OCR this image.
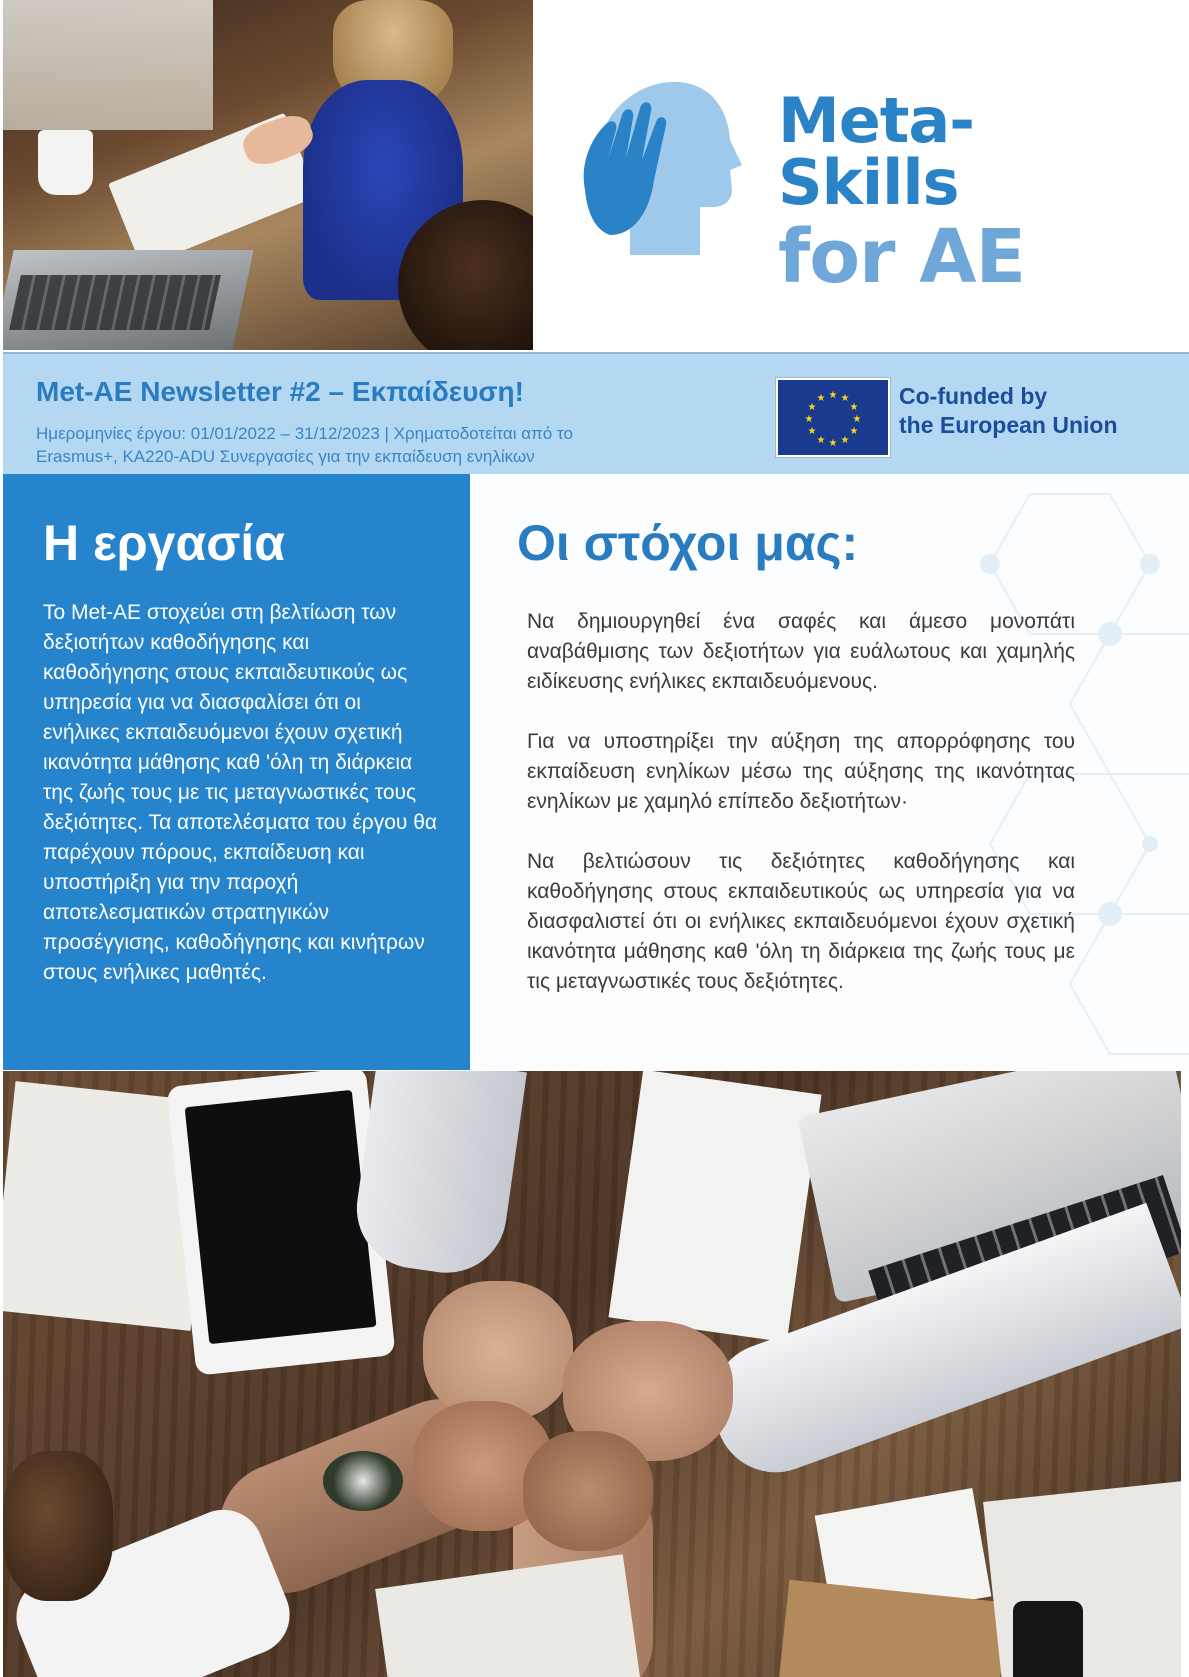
Meta-Skills
for AE
Met-AE Newsletter #2 – Εκπαίδευση!
Ημερομηνίες έργου: 01/01/2022 – 31/12/2023 | Χρηματοδοτείται από το
Erasmus+, KA220-ADU Συνεργασίες για την εκπαίδευση ενηλίκων
★ ★
★
★
★
★
★
★
★
★
★
★	Co-funded by
the European Union
Η εργασία
Το Met-AE στοχεύει στη βελτίωση των δεξιοτήτων καθοδήγησης και καθοδήγησης στους εκπαιδευτικούς ως υπηρεσία για να διασφαλίσει ότι οι ενήλικες εκπαιδευόμενοι έχουν σχετική ικανότητα μάθησης καθ 'όλη τη διάρκεια της ζωής τους με τις μεταγνωστικές τους δεξιότητες. Τα αποτελέσματα του έργου θα παρέχουν πόρους, εκπαίδευση και υποστήριξη για την παροχή αποτελεσματικών στρατηγικών προσέγγισης, καθοδήγησης και κινήτρων στους ενήλικες μαθητές.
Οι στόχοι μας:
Να δημιουργηθεί ένα σαφές και άμεσο μονοπάτι αναβάθμισης των δεξιοτήτων για ευάλωτους και χαμηλής ειδίκευσης ενήλικες εκπαιδευόμενους.
Για να υποστηρίξει την αύξηση της απορρόφησης του εκπαίδευση ενηλίκων μέσω της αύξησης της ικανότητας ενηλίκων με χαμηλό επίπεδο δεξιοτήτων·
Να βελτιώσουν τις δεξιότητες καθοδήγησης και καθοδήγησης στους εκπαιδευτικούς ως υπηρεσία για να διασφαλιστεί ότι οι ενήλικες εκπαιδευόμενοι έχουν σχετική ικανότητα μάθησης καθ 'όλη τη διάρκεια της ζωής τους με τις μεταγνωστικές τους δεξιότητες.
